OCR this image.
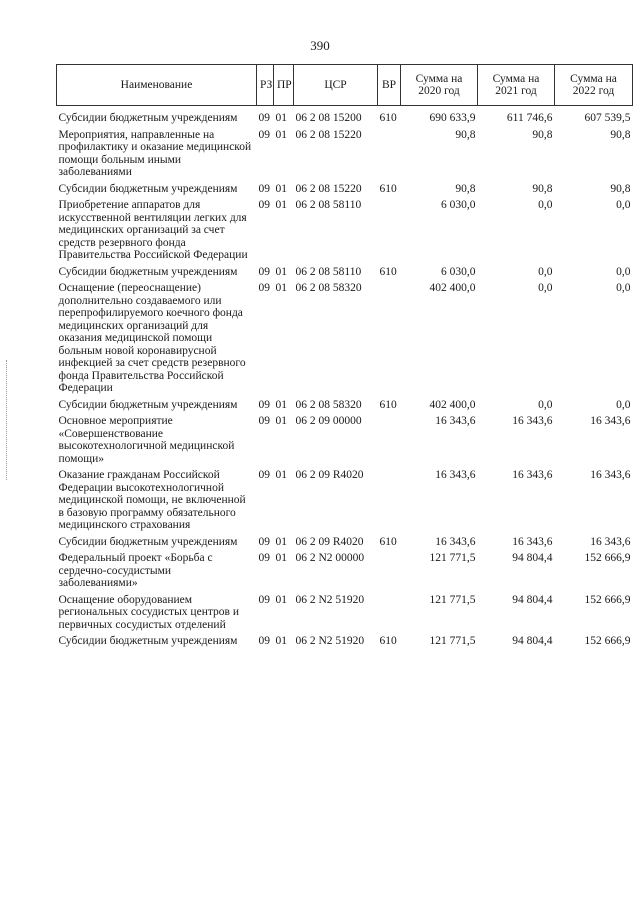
390
Наименование	РЗ	ПР	ЦСР	ВР	Сумма на 2020 год	Сумма на 2021 год	Сумма на 2022 год
Субсидии бюджетным учреждениям	09	01	06 2 08 15200	610	690 633,9	611 746,6	607 539,5
Мероприятия, направленные на профилактику и оказание медицинской помощи больным иными заболеваниями	09	01	06 2 08 15220		90,8	90,8	90,8
Субсидии бюджетным учреждениям	09	01	06 2 08 15220	610	90,8	90,8	90,8
Приобретение аппаратов для искусственной вентиляции легких для медицинских организаций за счет средств резервного фонда Правительства Российской Федерации	09	01	06 2 08 58110		6 030,0	0,0	0,0
Субсидии бюджетным учреждениям	09	01	06 2 08 58110	610	6 030,0	0,0	0,0
Оснащение (переоснащение) дополнительно создаваемого или перепрофилируемого коечного фонда медицинских организаций для оказания медицинской помощи больным новой коронавирусной инфекцией за счет средств резервного фонда Правительства Российской Федерации	09	01	06 2 08 58320		402 400,0	0,0	0,0
Субсидии бюджетным учреждениям	09	01	06 2 08 58320	610	402 400,0	0,0	0,0
Основное мероприятие «Совершенствование высокотехнологичной медицинской помощи»	09	01	06 2 09 00000		16 343,6	16 343,6	16 343,6
Оказание гражданам Российской Федерации высокотехнологичной медицинской помощи, не включенной в базовую программу обязательного медицинского страхования	09	01	06 2 09 R4020		16 343,6	16 343,6	16 343,6
Субсидии бюджетным учреждениям	09	01	06 2 09 R4020	610	16 343,6	16 343,6	16 343,6
Федеральный проект «Борьба с сердечно-сосудистыми заболеваниями»	09	01	06 2 N2 00000		121 771,5	94 804,4	152 666,9
Оснащение оборудованием региональных сосудистых центров и первичных сосудистых отделений	09	01	06 2 N2 51920		121 771,5	94 804,4	152 666,9
Субсидии бюджетным учреждениям	09	01	06 2 N2 51920	610	121 771,5	94 804,4	152 666,9
